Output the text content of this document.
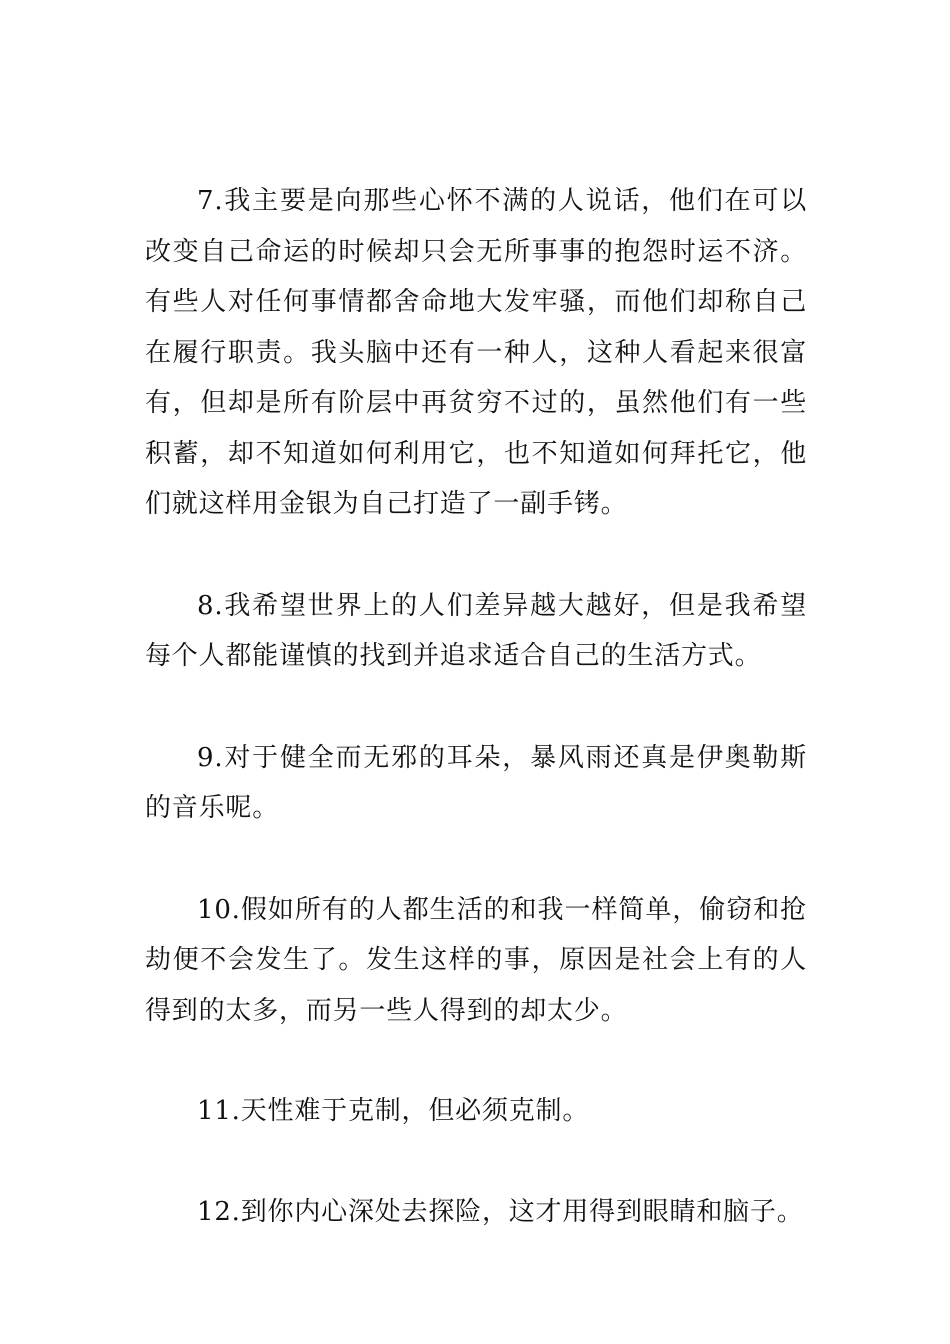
7.我主要是向那些心怀不满的人说话，他们在可以改变自己命运的时候却只会无所事事的抱怨时运不济。有些人对任何事情都舍命地大发牢骚，而他们却称自己在履行职责。我头脑中还有一种人，这种人看起来很富有，但却是所有阶层中再贫穷不过的，虽然他们有一些积蓄，却不知道如何利用它，也不知道如何拜托它，他们就这样用金银为自己打造了一副手铐。

8.我希望世界上的人们差异越大越好，但是我希望每个人都能谨慎的找到并追求适合自己的生活方式。

9.对于健全而无邪的耳朵，暴风雨还真是伊奥勒斯的音乐呢。

10.假如所有的人都生活的和我一样简单，偷窃和抢劫便不会发生了。发生这样的事，原因是社会上有的人得到的太多，而另一些人得到的却太少。

11.天性难于克制，但必须克制。

12.到你内心深处去探险，这才用得到眼睛和脑子。
